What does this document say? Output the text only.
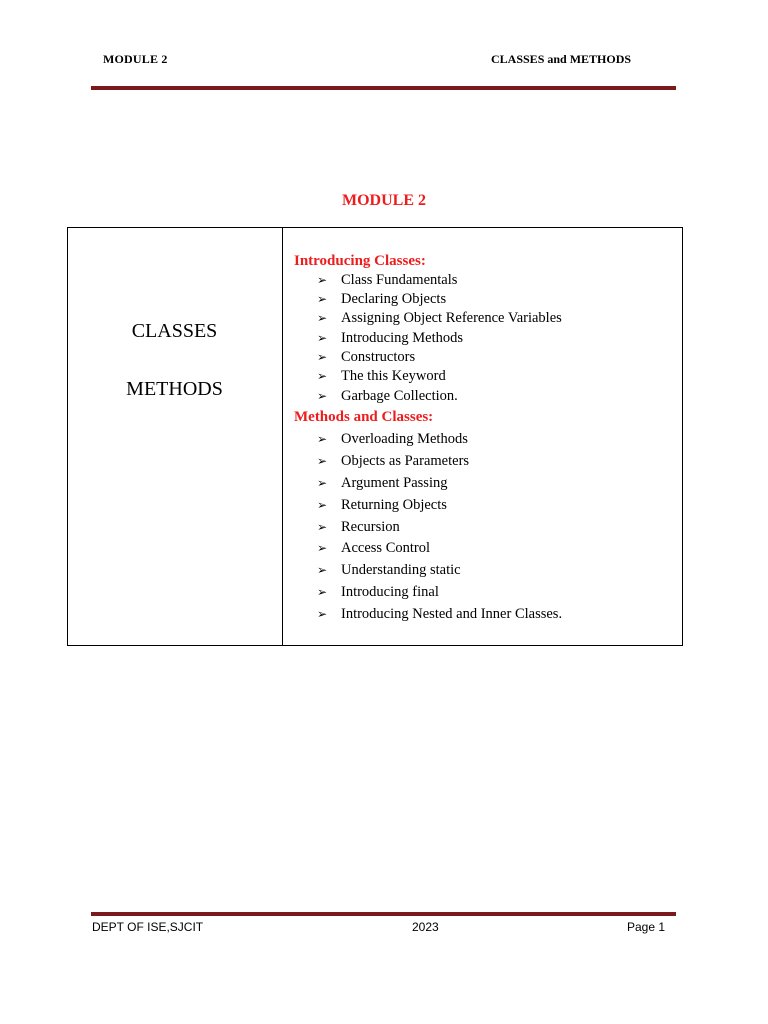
MODULE 2	CLASSES and METHODS
MODULE 2
CLASSES
METHODS
Introducing Classes:
➢ Class Fundamentals
➢ Declaring Objects
➢ Assigning Object Reference Variables
➢ Introducing Methods
➢ Constructors
➢ The this Keyword
➢ Garbage Collection.
Methods and Classes:
➢ Overloading Methods
➢ Objects as Parameters
➢ Argument Passing
➢ Returning Objects
➢ Recursion
➢ Access Control
➢ Understanding static
➢ Introducing final
➢ Introducing Nested and Inner Classes.
DEPT OF ISE,SJCIT	2023	Page 1
